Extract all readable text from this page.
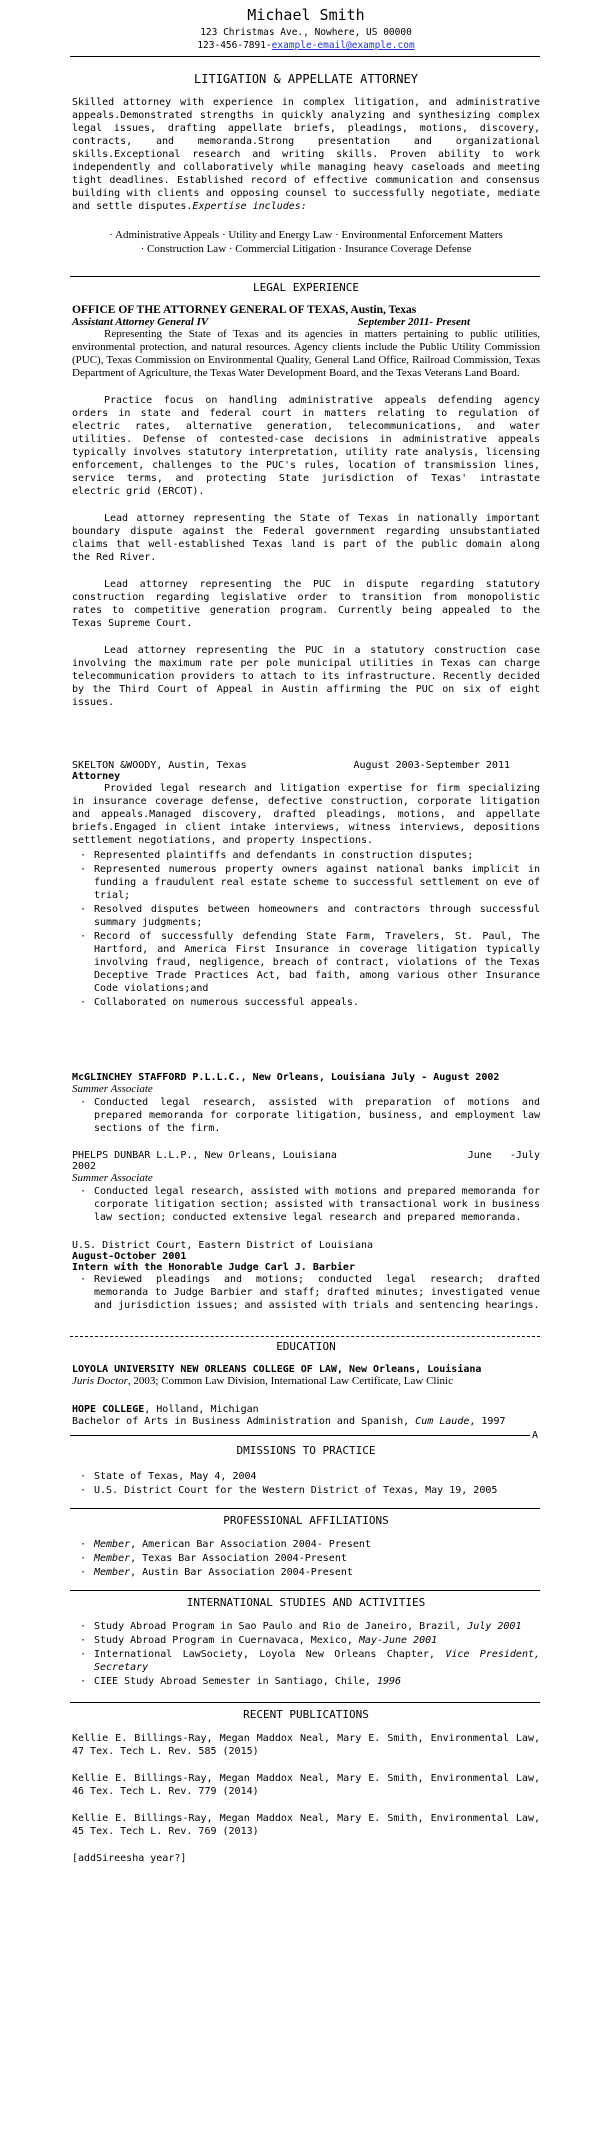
Michael Smith
123 Christmas Ave., Nowhere, US 00000
123-456-7891-example-email@example.com
LITIGATION & APPELLATE ATTORNEY

Skilled attorney with experience in complex litigation, and administrative appeals.Demonstrated strengths in quickly analyzing and synthesizing complex legal issues, drafting appellate briefs, pleadings, motions, discovery, contracts, and memoranda.Strong presentation and organizational skills.Exceptional research and writing skills. Proven ability to work independently and collaboratively while managing heavy caseloads and meeting tight deadlines. Established record of effective communication and consensus building with clients and opposing counsel to successfully negotiate, mediate and settle disputes.Expertise includes:

· Administrative Appeals · Utility and Energy Law · Environmental Enforcement Matters
· Construction Law · Commercial Litigation · Insurance Coverage Defense
LEGAL EXPERIENCE
OFFICE OF THE ATTORNEY GENERAL OF TEXAS, Austin, Texas
Assistant Attorney General IV	September 2011- Present

Representing the State of Texas and its agencies in matters pertaining to public utilities, environmental protection, and natural resources. Agency clients include the Public Utility Commission (PUC), Texas Commission on Environmental Quality, General Land Office, Railroad Commission, Texas Department of Agriculture, the Texas Water Development Board, and the Texas Veterans Land Board.

Practice focus on handling administrative appeals defending agency orders in state and federal court in matters relating to regulation of electric rates, alternative generation, telecommunications, and water utilities. Defense of contested-case decisions in administrative appeals typically involves statutory interpretation, utility rate analysis, licensing enforcement, challenges to the PUC's rules, location of transmission lines, service terms, and protecting State jurisdiction of Texas' intrastate electric grid (ERCOT).

Lead attorney representing the State of Texas in nationally important boundary dispute against the Federal government regarding unsubstantiated claims that well-established Texas land is part of the public domain along the Red River.

Lead attorney representing the PUC in dispute regarding statutory construction regarding legislative order to transition from monopolistic rates to competitive generation program. Currently being appealed to the Texas Supreme Court.

Lead attorney representing the PUC in a statutory construction case involving the maximum rate per pole municipal utilities in Texas can charge telecommunication providers to attach to its infrastructure. Recently decided by the Third Court of Appeal in Austin affirming the PUC on six of eight issues.

SKELTON &WOODY, Austin, Texas	August 2003-September 2011
Attorney

Provided legal research and litigation expertise for firm specializing in insurance coverage defense, defective construction, corporate litigation and appeals.Managed discovery, drafted pleadings, motions, and appellate briefs.Engaged in client intake interviews, witness interviews, depositions settlement negotiations, and property inspections.

· Represented plaintiffs and defendants in construction disputes;
· Represented numerous property owners against national banks implicit in funding a fraudulent real estate scheme to successful settlement on eve of trial;
· Resolved disputes between homeowners and contractors through successful summary judgments;
· Record of successfully defending State Farm, Travelers, St. Paul, The Hartford, and America First Insurance in coverage litigation typically involving fraud, negligence, breach of contract, violations of the Texas Deceptive Trade Practices Act, bad faith, among various other Insurance Code violations;and
· Collaborated on numerous successful appeals.
McGLINCHEY STAFFORD P.L.L.C., New Orleans, Louisiana July - August 2002
Summer Associate
· Conducted legal research, assisted with preparation of motions and prepared memoranda for corporate litigation, business, and employment law sections of the firm.
PHELPS DUNBAR L.L.P., New Orleans, Louisiana	June   -July
2002
Summer Associate
· Conducted legal research, assisted with motions and prepared memoranda for corporate litigation section; assisted with transactional work in business law section; conducted extensive legal research and prepared memoranda.
U.S. District Court, Eastern District of Louisiana
August-October 2001
Intern with the Honorable Judge Carl J. Barbier
· Reviewed pleadings and motions; conducted legal research; drafted memoranda to Judge Barbier and staff; drafted minutes; investigated venue and jurisdiction issues; and assisted with trials and sentencing hearings.
EDUCATION
LOYOLA UNIVERSITY NEW ORLEANS COLLEGE OF LAW, New Orleans, Louisiana
Juris Doctor, 2003; Common Law Division, International Law Certificate, Law Clinic
HOPE COLLEGE, Holland, Michigan
Bachelor of Arts in Business Administration and Spanish, Cum Laude, 1997
A
DMISSIONS TO PRACTICE
· State of Texas, May 4, 2004
· U.S. District Court for the Western District of Texas, May 19, 2005
PROFESSIONAL AFFILIATIONS
· Member, American Bar Association 2004- Present
· Member, Texas Bar Association 2004-Present
· Member, Austin Bar Association 2004-Present
INTERNATIONAL STUDIES AND ACTIVITIES
· Study Abroad Program in Sao Paulo and Rio de Janeiro, Brazil, July 2001
· Study Abroad Program in Cuernavaca, Mexico, May-June 2001
· International LawSociety, Loyola New Orleans Chapter, Vice President, Secretary
· CIEE Study Abroad Semester in Santiago, Chile, 1996
RECENT PUBLICATIONS

Kellie E. Billings-Ray, Megan Maddox Neal, Mary E. Smith, Environmental Law, 47 Tex. Tech L. Rev. 585 (2015)

Kellie E. Billings-Ray, Megan Maddox Neal, Mary E. Smith, Environmental Law, 46 Tex. Tech L. Rev. 779 (2014)

Kellie E. Billings-Ray, Megan Maddox Neal, Mary E. Smith, Environmental Law, 45 Tex. Tech L. Rev. 769 (2013)

[addSireesha year?]
